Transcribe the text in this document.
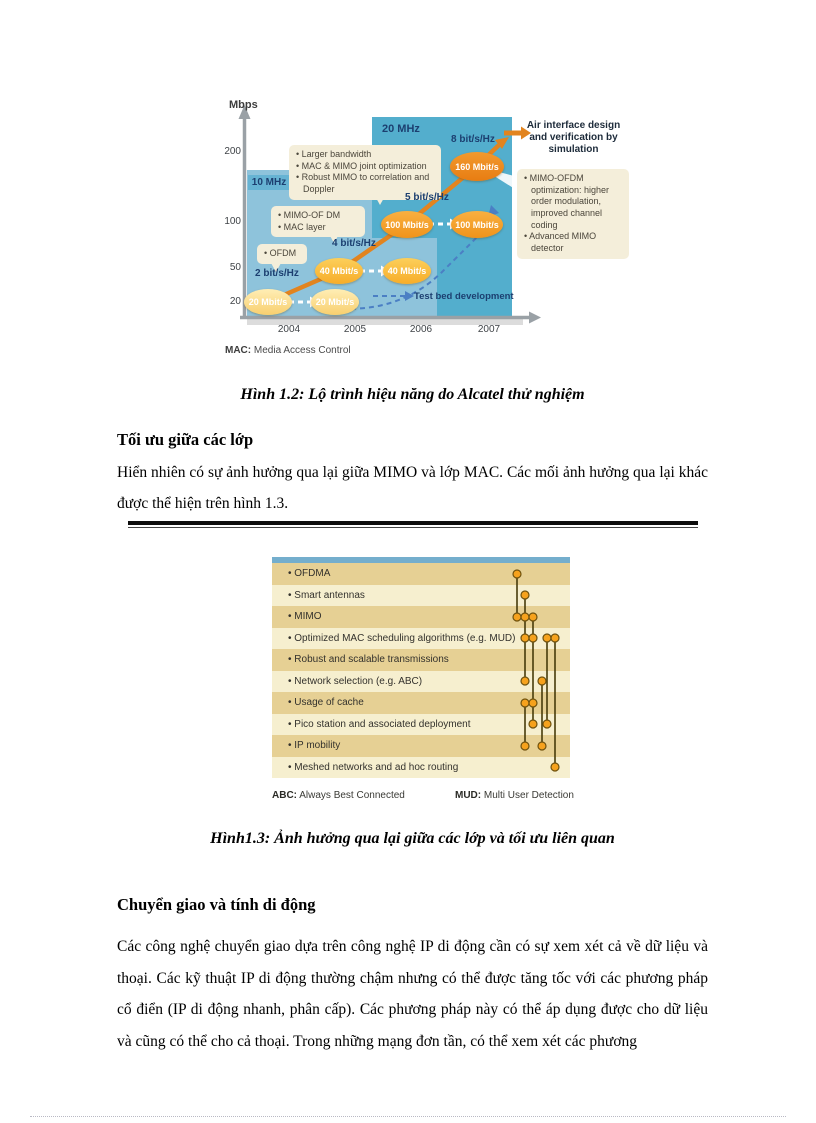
Mbps
200
100
50
20
2004	2005	2006	2007
10 MHz
20 MHz
• Larger bandwidth
• MAC & MIMO joint optimization
• Robust MIMO to correlation and Doppler
• MIMO-OF DM
• MAC layer
• OFDM
• MIMO-OFDM optimization: higher order modulation, improved channel coding
• Advanced MIMO detector
Air interface design and verification by simulation
2 bit/s/Hz
4 bit/s/Hz
5 bit/s/Hz
8 bit/s/Hz
20 Mbit/s	20 Mbit/s
40 Mbit/s	40 Mbit/s
100 Mbit/s	100 Mbit/s
160 Mbit/s
Test bed development
MAC: Media Access Control
Hình 1.2: Lộ trình hiệu năng do Alcatel thử nghiệm
Tối ưu giữa các lớp
Hiển nhiên có sự ảnh hưởng qua lại giữa MIMO và lớp MAC. Các mối ảnh hưởng qua lại khác được thể hiện trên hình 1.3.
• OFDMA
• Smart antennas
• MIMO
• Optimized MAC scheduling algorithms (e.g. MUD)
• Robust and scalable transmissions
• Network selection (e.g. ABC)
• Usage of cache
• Pico station and associated deployment
• IP mobility
• Meshed networks and ad hoc routing
ABC: Always Best Connected	MUD: Multi User Detection
Hình1.3: Ảnh hưởng qua lại giữa các lớp và tối ưu liên quan
Chuyển giao và tính di động
Các công nghệ chuyển giao dựa trên công nghệ IP di động cần có sự xem xét cả về dữ liệu và thoại. Các kỹ thuật IP di động thường chậm nhưng có thể được tăng tốc với các phương pháp cổ điển (IP di động nhanh, phân cấp). Các phương pháp này có thể áp dụng được cho dữ liệu và cũng có thể cho cả thoại. Trong những mạng đơn tần, có thể xem xét các phương
